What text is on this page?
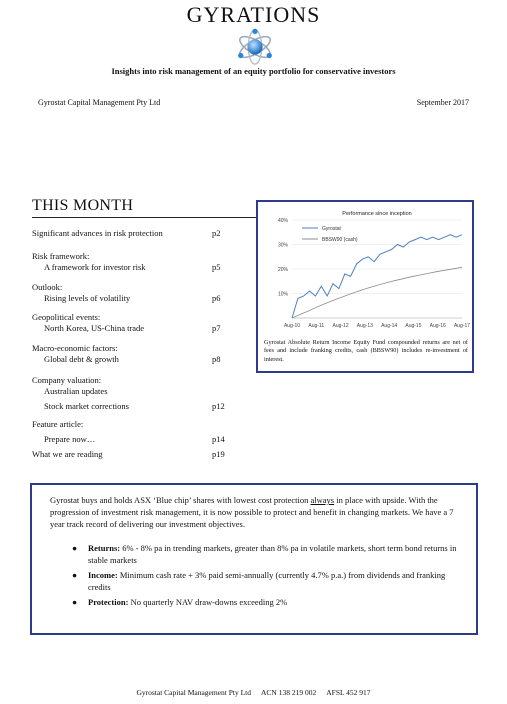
GYRATIONS
Insights into risk management of an equity portfolio for conservative investors
Gyrostat Capital Management Pty Ltd	September 2017
THIS MONTH
Significant advances in risk protection	p2
Risk framework:
A framework for investor risk	p5
Outlook:
Rising levels of volatility	p6
Geopolitical events:
North Korea, US-China trade	p7
Macro-economic factors:
Global debt & growth	p8
Company valuation:
Australian updates
Stock market corrections	p12
Feature article:
Prepare now…	p14
What we are reading	p19
Performance since inception
10%
20%
30%
40%
Aug-10 Aug-11 Aug-12 Aug-13 Aug-14 Aug-15 Aug-16 Aug-17
Gyrostat
BBSW90 (cash)
Gyrostat Absolute Return Income Equity Fund compounded returns are net of fees and include franking credits, cash (BBSW90) includes re-investment of interest.
Gyrostat buys and holds ASX ‘Blue chip’ shares with lowest cost protection always in place with upside. With the progression of investment risk management, it is now possible to protect and benefit in changing markets. We have a 7 year track record of delivering our investment objectives.
● Returns: 6% - 8% pa in trending markets, greater than 8% pa in volatile markets, short term bond returns in stable markets
● Income: Minimum cash rate + 3% paid semi-annually (currently 4.7% p.a.) from dividends and franking credits
● Protection: No quarterly NAV draw-downs exceeding 2%
Gyrostat Capital Management Pty Ltd ACN 138 219 002 AFSL 452 917
